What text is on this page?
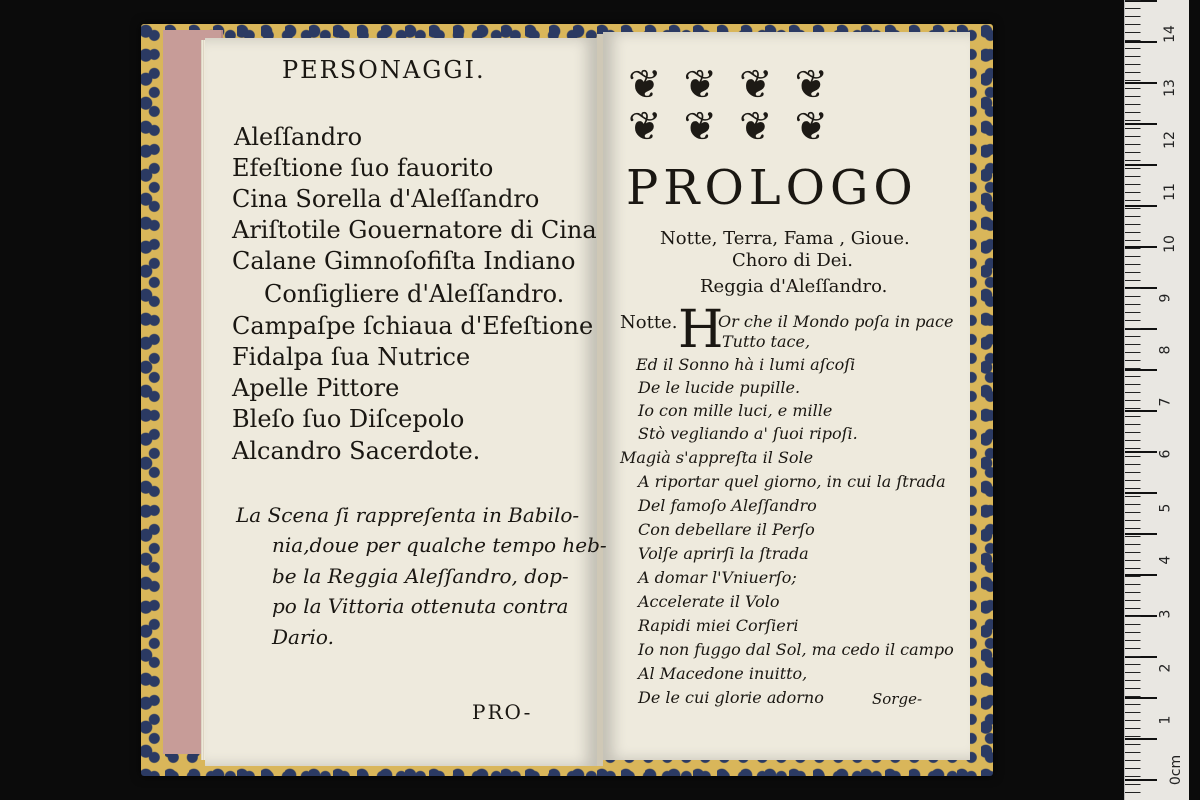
PERSONAGGI.
Aleſſandro
Efeſtione ſuo fauorito
Cina Sorella d'Aleſſandro
Ariſtotile Gouernatore di Cina
Calane Gimnoſofiſta Indiano
Conſigliere d'Aleſſandro.
Campaſpe ſchiaua d'Efeſtione
Fidalpa ſua Nutrice
Apelle Pittore
Bleſo ſuo Diſcepolo
Alcandro Sacerdote.
La Scena ſi rappreſenta in Babilo-
nia,doue per qualche tempo heb-
be la Reggia Aleſſandro, dop-
po la Vittoria ottenuta contra
Dario.
PRO-
❦❦❦❦
❦❦❦❦
PROLOGO
Notte, Terra, Fama , Gioue.
Choro di Dei.
Reggia d'Aleſſandro.
Notte. H
Or che il Mondo poſa in pace
Tutto tace,
Ed il Sonno hà i lumi aſcoſi
De le lucide pupille.
Io con mille luci, e mille
Stò vegliando a' ſuoi ripoſi.
Magià s'appreſta il Sole
A riportar quel giorno, in cui la ſtrada
Del famoſo Aleſſandro
Con debellare il Perſo
Volſe aprirſi la ſtrada
A domar l'Vniuerſo;
Accelerate il Volo
Rapidi miei Corſieri
Io non fuggo dal Sol, ma cedo il campo
Al Macedone inuitto,
De le cui glorie adorno	Sorge-
14
13
12
11
10
9
8
7
6
5
4
3
2
1
0cm
